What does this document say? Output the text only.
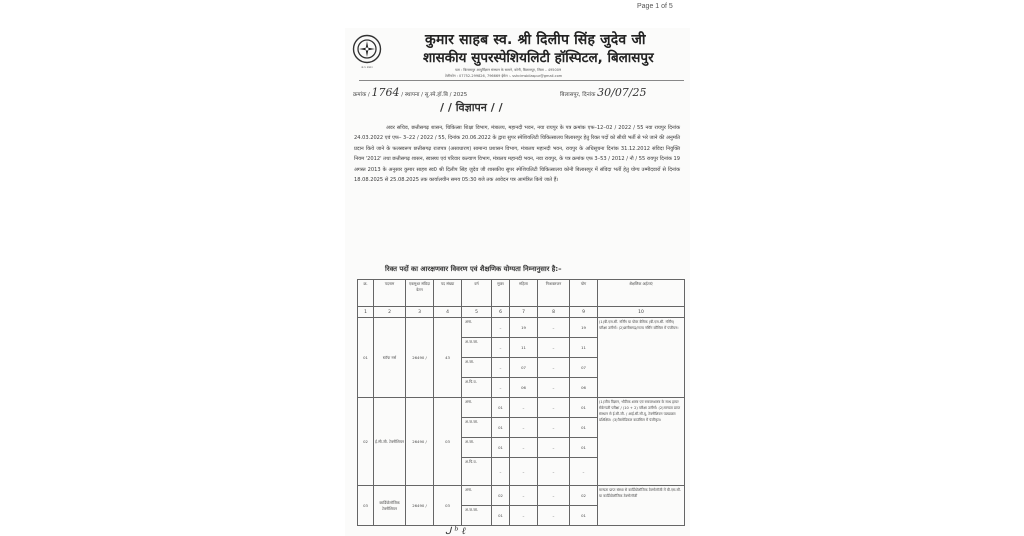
Page 1 of 5
छ.ग. शासन
कुमार साहब स्व. श्री दिलीप सिंह जुदेव जी
शासकीय सुपरस्पेशियलिटी हॉस्पिटल, बिलासपुर
पता : बिलासपुर आयुर्विज्ञान संस्थान के सामने, कोनी, बिलासपुर, जिला – 495009
टेलीफोन : 07752-299826, 796669 ईमेल :- sshcimsbilaspur@gmail.com
क्रमांक / 1764 / स्थापना / सु.स्पे.हॉ.बि / 2025	बिलासपुर, दिनांक 30/07/25
/ / विज्ञापन / /

अवर सचिव, छत्तीसगढ़ शासन, चिकित्सा शिक्षा विभाग, मंत्रालय, महानदी भवन, नया रायपुर के पत्र क्रमांक एफ–12–02 / 2022 / 55 नवा रायपुर दिनांक 24.03.2022 एवं एफ– 3–22 / 2022 / 55, दिनांक 20.06.2022 के द्वारा सुपर स्पेशियलिटी चिकित्सालय बिलासपुर हेतु रिक्त पदों को सीधी भर्ती से भरे जाने की अनुमति प्रदान किये जाने के फलस्वरूप छत्तीसगढ़ राजपत्र (असाधारण) सामान्य प्रशासन विभाग, मंत्रालय महानदी भवन, रायपुर के अधिसूचना दिनांक 31.12.2012 संविदा नियुक्ति नियम '2012' तथा छत्तीसगढ़ शासन, स्वास्थ्य एवं परिवार कल्याण विभाग, मंत्रालय महानदी भवन, नवा रायपुर, के पत्र क्रमांक एफ 3–53 / 2012 / नौ / 55 रायपुर दिनांक 19 अगस्त 2013 के अनुसार कुमार साहब स्व0 श्री दिलीप सिंह जुदेव जी शासकीय सुपर स्पेशियलिटी चिकित्सालय कोनी बिलासपुर में संविदा भर्ती हेतु योग्य उम्मीदवारों से दिनांक 18.08.2025 से 25.08.2025 तक कार्यालयीन समय 05:30 बजे तक आवेदन पत्र आमंत्रित किये जाते हैं।

रिक्त पदों का आरक्षणवार विवरण एवं शैक्षणिक योग्यता निम्नानुसार है:–
क्र.	पदनाम	एकमुश्त संविदा वेतन	पद संख्या	वर्ग	मुक्त	महिला	निःशक्तजन	योग	शैक्षणिक अर्हताएं
1	2	3	4	5	6	7	8	9	10
01	स्टॉफ नर्स	26490 /	43	अना.	–	19	–	19	(1)बी.एस.सी. नर्सिंग या पोस्ट बेसिक (बी.एस.सी. नर्सिंग) परीक्षा उत्तीर्ण। (2)छत्तीसगढ़/राज्य नर्सिंग कौंसिल में पंजीयन।
				अ.ज.जा.	–	11	–	11	
				अ.जा.	–	07	–	07	
				अ.पि.व.	–	06	–	06	
02	ई.सी.जी. टेक्नीशियन	26490 /	03	अना.	01	–	–	01	(1)जीव विज्ञान, भौतिक शास्त्र एवं रसायनशास्त्र के साथ हायर सेकेण्डरी परीक्षा / (10 + 2) परीक्षा उत्तीर्ण। (2)मान्यता प्राप्त संस्थान से ई.सी.जी. / आई.सी.सी.यू. टेक्नीशियन पाठ्यक्रम प्रशिक्षित। (3)पैरामेडिकल काउंसिल में पंजीकृत।
				अ.ज.जा.	01	–	–	01	
				अ.जा.	01	–	–	01	
				अ.पि.व.	–	–	–	–	
03	कार्डियोलॉजिक टेक्नीशियन	26490 /	03	अना.	02	–	–	02	मान्यता प्राप्त संस्था से कार्डियोलॉजिक टेक्नोलॉजी में बी.एस.सी. या कार्डियोलॉजिक टेक्नोलॉजी
				अ.ज.जा.	01	–	–	01	
ᒍ ᵇ ℓ
